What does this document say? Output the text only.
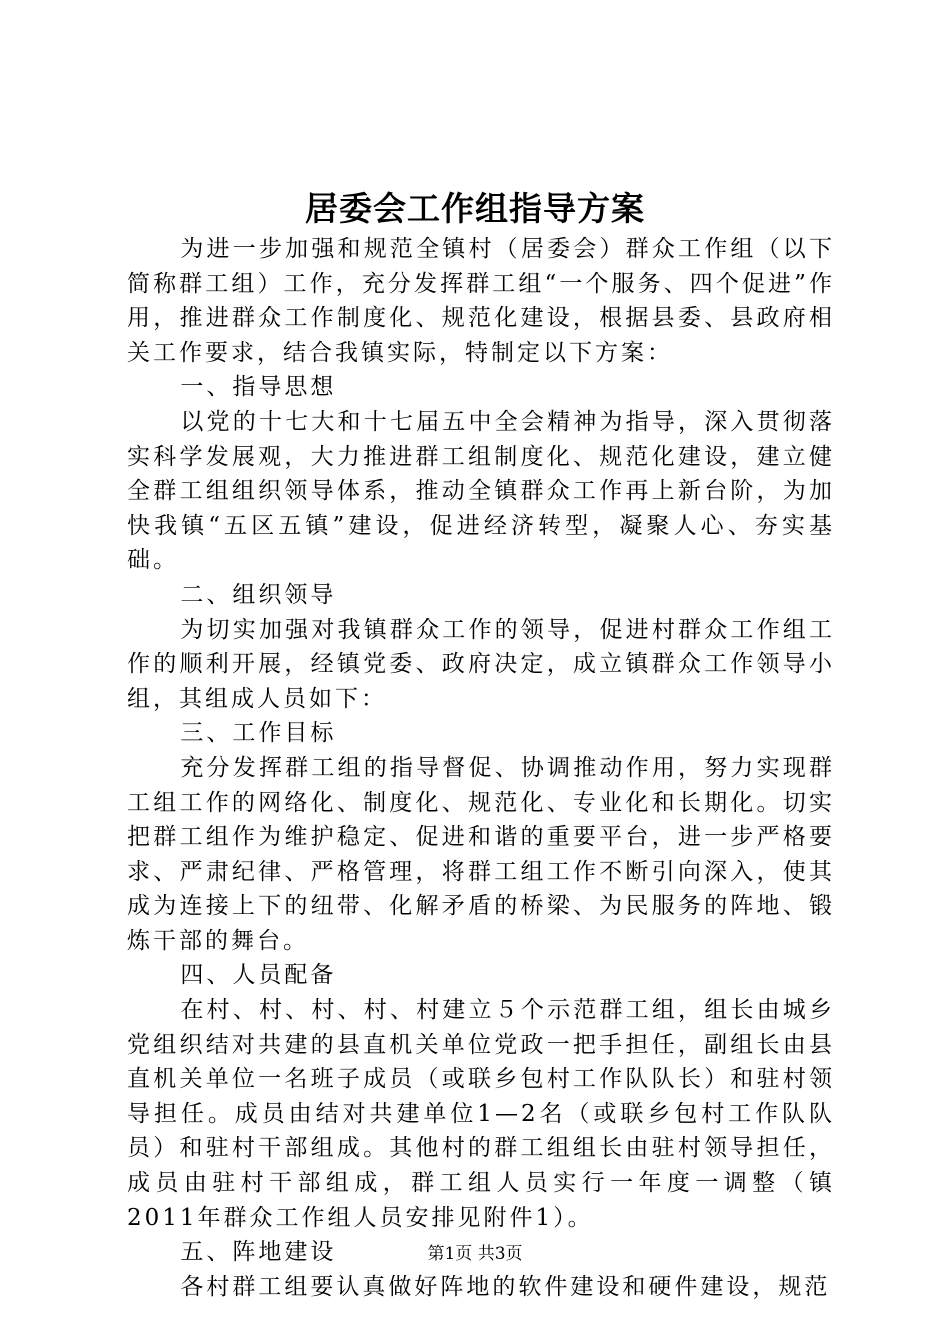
居委会工作组指导方案

为进一步加强和规范全镇村（居委会）群众工作组（以下简称群工组）工作，充分发挥群工组“一个服务、四个促进”作用，推进群众工作制度化、规范化建设，根据县委、县政府相关工作要求，结合我镇实际，特制定以下方案：

一、指导思想

以党的十七大和十七届五中全会精神为指导，深入贯彻落实科学发展观，大力推进群工组制度化、规范化建设，建立健全群工组组织领导体系，推动全镇群众工作再上新台阶，为加快我镇“五区五镇”建设，促进经济转型，凝聚人心、夯实基础。

二、组织领导

为切实加强对我镇群众工作的领导，促进村群众工作组工作的顺利开展，经镇党委、政府决定，成立镇群众工作领导小组，其组成人员如下：

三、工作目标

充分发挥群工组的指导督促、协调推动作用，努力实现群工组工作的网络化、制度化、规范化、专业化和长期化。切实把群工组作为维护稳定、促进和谐的重要平台，进一步严格要求、严肃纪律、严格管理，将群工组工作不断引向深入，使其成为连接上下的纽带、化解矛盾的桥梁、为民服务的阵地、锻炼干部的舞台。

四、人员配备

在村、村、村、村、村建立５个示范群工组，组长由城乡党组织结对共建的县直机关单位党政一把手担任，副组长由县直机关单位一名班子成员（或联乡包村工作队队长）和驻村领导担任。成员由结对共建单位1—2名（或联乡包村工作队队员）和驻村干部组成。其他村的群工组组长由驻村领导担任，成员由驻村干部组成，群工组人员实行一年度一调整（镇2011年群众工作组人员安排见附件1）。

五、阵地建设

各村群工组要认真做好阵地的软件建设和硬件建设，规范

第1页 共3页
